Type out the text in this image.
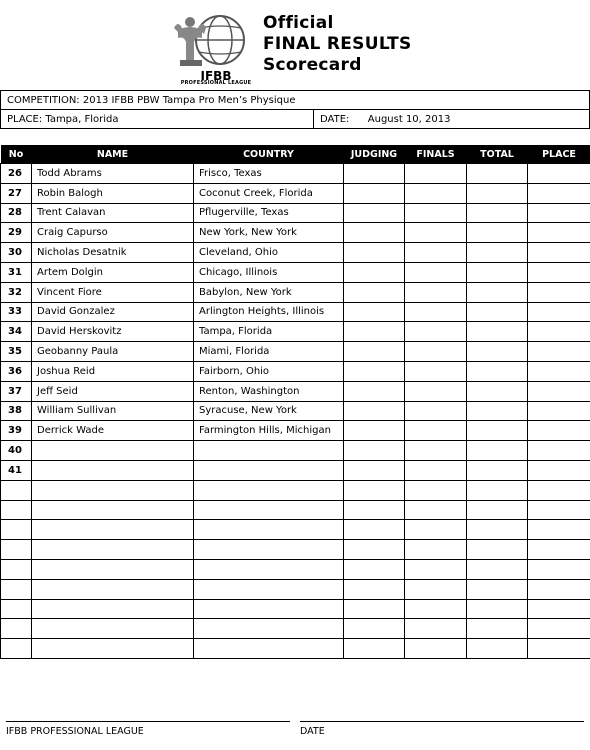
IFBB
PROFESSIONAL LEAGUE
Official
FINAL RESULTS
Scorecard
COMPETITION: 2013 IFBB PBW Tampa Pro Men’s Physique
PLACE: Tampa, Florida	DATE: August 10, 2013
No	NAME	COUNTRY	JUDGING	FINALS	TOTAL	PLACE
26	Todd Abrams	Frisco, Texas				
27	Robin Balogh	Coconut Creek, Florida				
28	Trent Calavan	Pflugerville, Texas				
29	Craig Capurso	New York, New York				
30	Nicholas Desatnik	Cleveland, Ohio				
31	Artem Dolgin	Chicago, Illinois				
32	Vincent Fiore	Babylon, New York				
33	David Gonzalez	Arlington Heights, Illinois				
34	David Herskovitz	Tampa, Florida				
35	Geobanny Paula	Miami, Florida				
36	Joshua Reid	Fairborn, Ohio				
37	Jeff Seid	Renton, Washington				
38	William Sullivan	Syracuse, New York				
39	Derrick Wade	Farmington Hills, Michigan				
40						
41						

IFBB PROFESSIONAL LEAGUE	DATE
